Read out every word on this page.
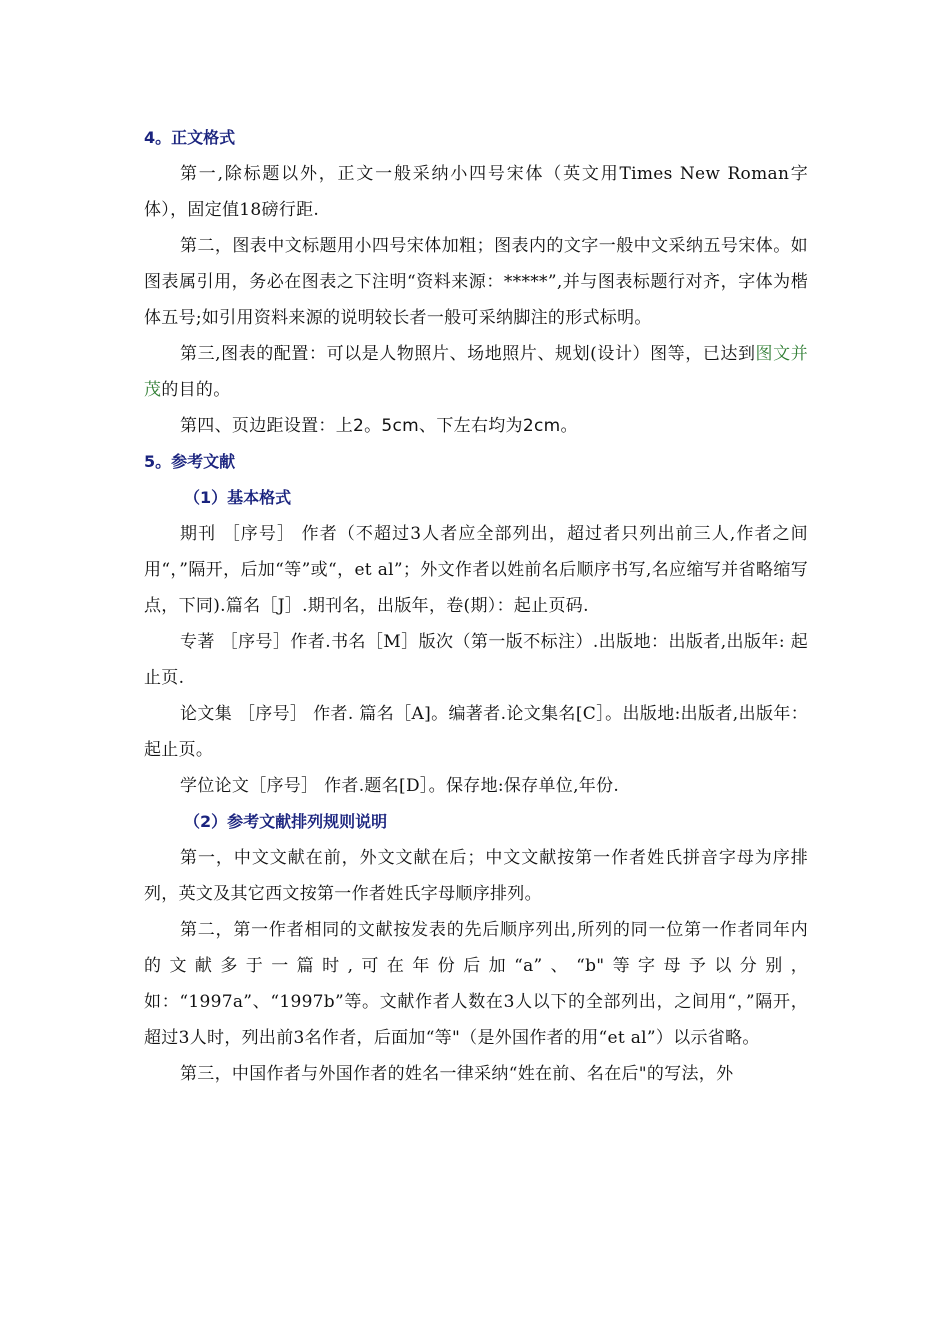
4。正文格式

第一,除标题以外，正文一般采纳小四号宋体（英文用Times New Roman字体），固定值18磅行距.

第二，图表中文标题用小四号宋体加粗；图表内的文字一般中文采纳五号宋体。如图表属引用，务必在图表之下注明“资料来源：*****”,并与图表标题行对齐，字体为楷体五号;如引用资料来源的说明较长者一般可采纳脚注的形式标明。

第三,图表的配置：可以是人物照片、场地照片、规划(设计）图等，已达到图文并茂的目的。

第四、页边距设置：上2。5cm、下左右均为2cm。

5。参考文献
（1）基本格式

期刊 ［序号］ 作者（不超过3人者应全部列出，超过者只列出前三人,作者之间用“，”隔开，后加“等”或“，et al”；外文作者以姓前名后顺序书写,名应缩写并省略缩写点，下同).篇名［J］.期刊名，出版年，卷(期）：起止页码.

专著 ［序号］作者.书名［M］版次（第一版不标注）.出版地：出版者,出版年: 起止页.

论文集 ［序号］ 作者. 篇名［A]。编著者.论文集名[C］。出版地:出版者,出版年：起止页。

学位论文［序号］ 作者.题名[D］。保存地:保存单位,年份.

（2）参考文献排列规则说明

第一，中文文献在前，外文文献在后；中文文献按第一作者姓氏拼音字母为序排列，英文及其它西文按第一作者姓氏字母顺序排列。

第二，第一作者相同的文献按发表的先后顺序列出,所列的同一位第一作者同年内的文献多于一篇时,可在年份后加“a”、“b"等字母予以分别，如：“1997a”、“1997b”等。文献作者人数在3人以下的全部列出，之间用“，”隔开，超过3人时，列出前3名作者，后面加“等"（是外国作者的用“et al”）以示省略。

第三，中国作者与外国作者的姓名一律采纳“姓在前、名在后"的写法，外
